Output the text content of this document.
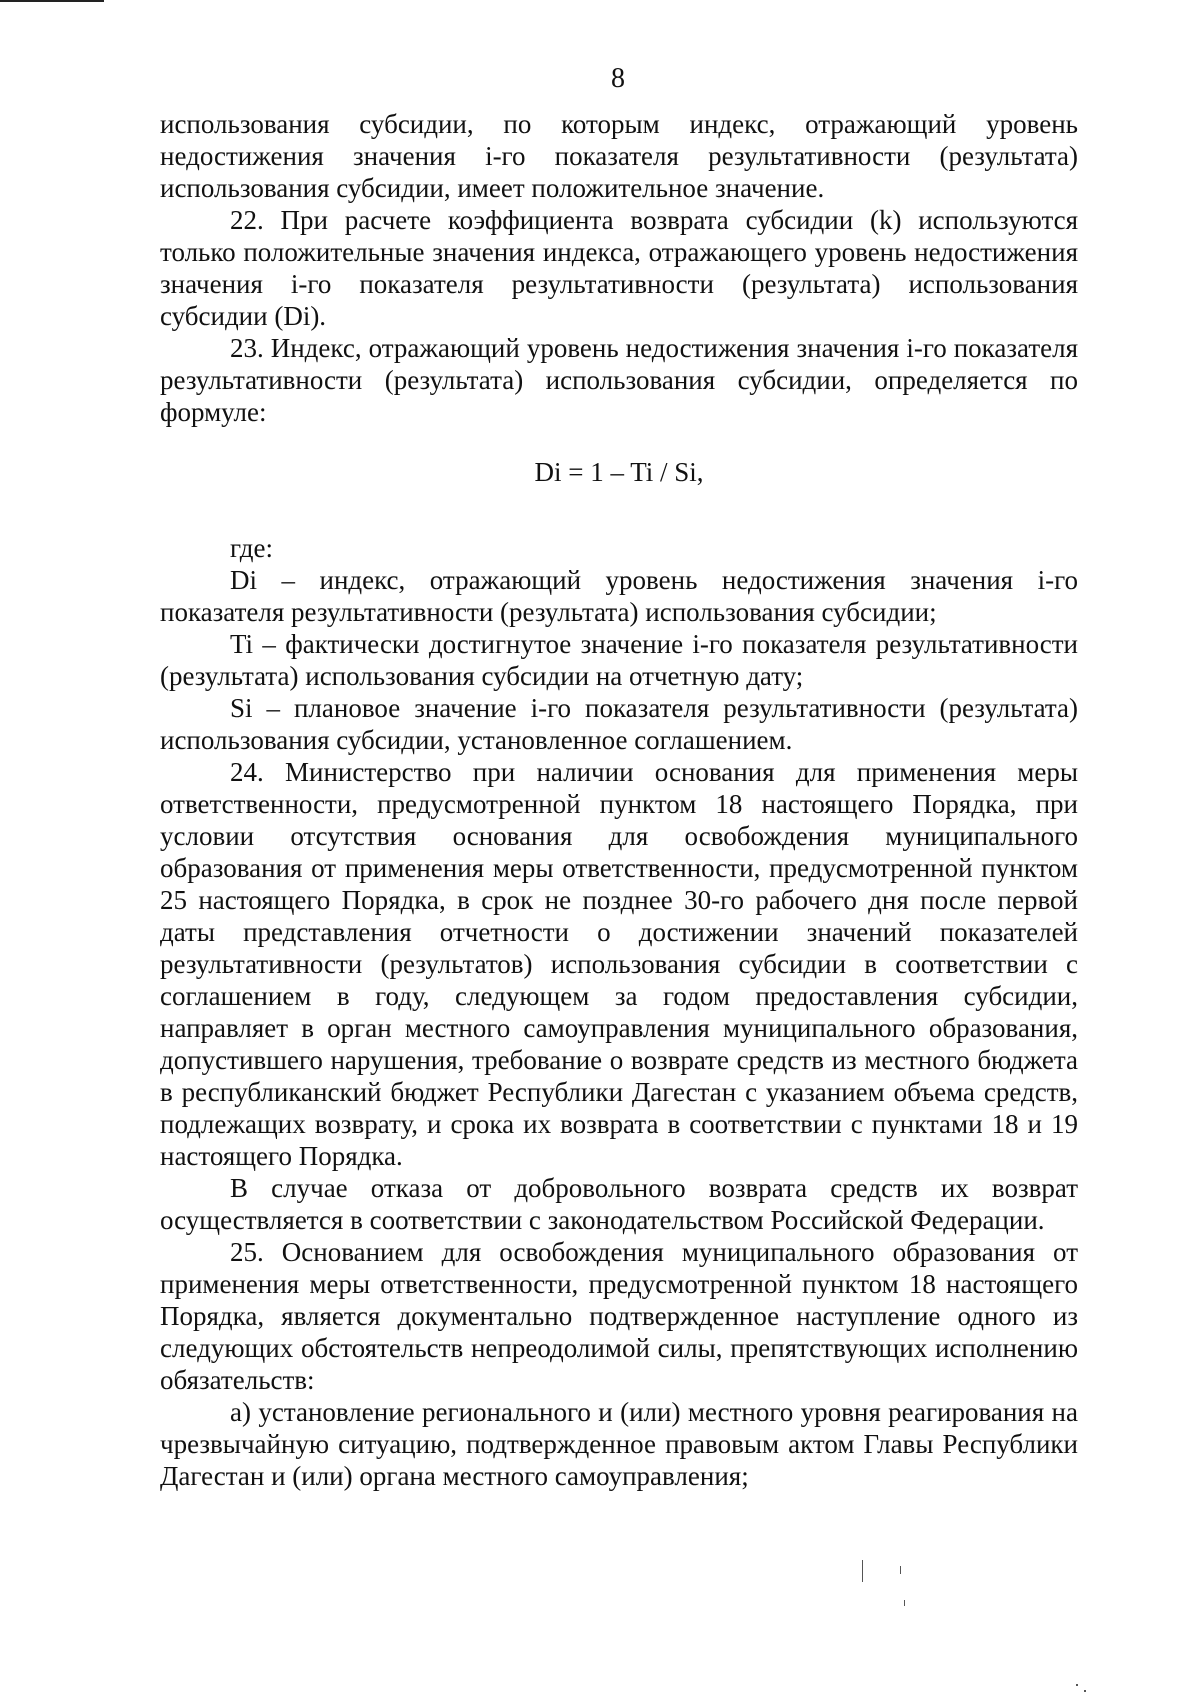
8

использования субсидии, по которым индекс, отражающий уровень недостижения значения i-го показателя результативности (результата) использования субсидии, имеет положительное значение.

22. При расчете коэффициента возврата субсидии (k) используются только положительные значения индекса, отражающего уровень недостижения значения i-го показателя результативности (результата) использования субсидии (Di).

23. Индекс, отражающий уровень недостижения значения i-го показателя результативности (результата) использования субсидии, определяется по формуле:

Di = 1 – Ti / Si,

где:

Di – индекс, отражающий уровень недостижения значения i-го показателя результативности (результата) использования субсидии;

Ti – фактически достигнутое значение i-го показателя результативности (результата) использования субсидии на отчетную дату;

Si – плановое значение i-го показателя результативности (результата) использования субсидии, установленное соглашением.

24. Министерство при наличии основания для применения меры ответственности, предусмотренной пунктом 18 настоящего Порядка, при условии отсутствия основания для освобождения муниципального образования от применения меры ответственности, предусмотренной пунктом 25 настоящего Порядка, в срок не позднее 30-го рабочего дня после первой даты представления отчетности о достижении значений показателей результативности (результатов) использования субсидии в соответствии с соглашением в году, следующем за годом предоставления субсидии, направляет в орган местного самоуправления муниципального образования, допустившего нарушения, требование о возврате средств из местного бюджета в республиканский бюджет Республики Дагестан с указанием объема средств, подлежащих возврату, и срока их возврата в соответствии с пунктами 18 и 19 настоящего Порядка.

В случае отказа от добровольного возврата средств их возврат осуществляется в соответствии с законодательством Российской Федерации.

25. Основанием для освобождения муниципального образования от применения меры ответственности, предусмотренной пунктом 18 настоящего Порядка, является документально подтвержденное наступление одного из следующих обстоятельств непреодолимой силы, препятствующих исполнению обязательств:

а) установление регионального и (или) местного уровня реагирования на чрезвычайную ситуацию, подтвержденное правовым актом Главы Республики Дагестан и (или) органа местного самоуправления;
